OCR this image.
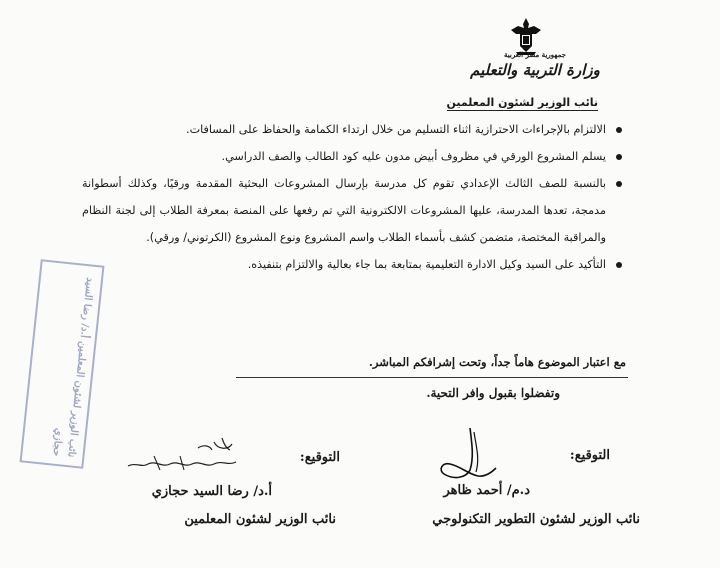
جمهورية مصر العربية
وزارة التربية والتعليم
نائب الوزير لشئون المعلمين
الالتزام بالإجراءات الاحترازية اثناء التسليم من خلال ارتداء الكمامة والحفاظ على المسافات.
يسلم المشروع الورقي في مظروف أبيض مدون عليه كود الطالب والصف الدراسي.
بالنسبة للصف الثالث الإعدادي تقوم كل مدرسة بإرسال المشروعات البحثية المقدمة ورقيًا، وكذلك أسطوانة مدمجة، تعدها المدرسة، عليها المشروعات الالكترونية التي تم رفعها على المنصة بمعرفة الطلاب إلى لجنة النظام والمراقبة المختصة، متضمن كشف بأسماء الطلاب واسم المشروع ونوع المشروع (الكرتوني/ ورقي).
التأكيد على السيد وكيل الادارة التعليمية بمتابعة بما جاء بعالية والالتزام بتنفيذه.
مع اعتبار الموضوع هاماً جداً، وتحت إشرافكم المباشر.
وتفضلوا بقبول وافر التحية.
التوقيع:
د.م/ أحمد ظاهر
نائب الوزير لشئون التطوير التكنولوجي
التوقيع:
أ.د/ رضا السيد حجازي
نائب الوزير لشئون المعلمين
نائب الوزير لشئون المعلمين أ.د/ رضا السيد حجازي
